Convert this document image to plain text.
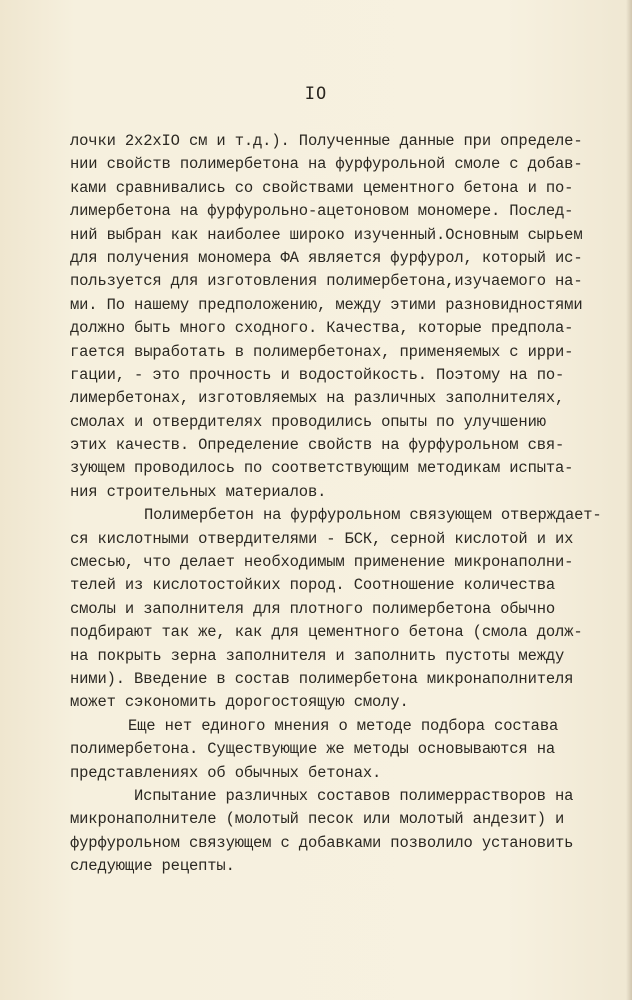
IO
лочки 2х2хIO см и т.д.). Полученные данные при определе-
нии свойств полимербетона на фурфурольной смоле с добав-
ками сравнивались со свойствами цементного бетона и по-
лимербетона на фурфурольно-ацетоновом мономере. Послед-
ний выбран как наиболее широко изученный.Основным сырьем
для получения мономера ФА является фурфурол, который ис-
пользуется для изготовления полимербетона,изучаемого на-
ми. По нашему предположению, между этими разновидностями
должно быть много сходного. Качества, которые предпола-
гается выработать в полимербетонах, применяемых с ирри-
гации, - это прочность и водостойкость. Поэтому на по-
лимербетонах, изготовляемых на различных заполнителях,
смолах и отвердителях проводились опыты по улучшению
этих качеств. Определение свойств на фурфурольном свя-
зующем проводилось по соответствующим методикам испыта-
ния строительных материалов.
Полимербетон на фурфурольном связующем отверждает-
ся кислотными отвердителями - БСК, серной кислотой и их
смесью, что делает необходимым применение микронаполни-
телей из кислотостойких пород. Соотношение количества
смолы и заполнителя для плотного полимербетона обычно
подбирают так же, как для цементного бетона (смола долж-
на покрыть зерна заполнителя и заполнить пустоты между
ними). Введение в состав полимербетона микронаполнителя
может сэкономить дорогостоящую смолу.
Еще нет единого мнения о методе подбора состава
полимербетона. Существующие же методы основываются на
представлениях об обычных бетонах.
Испытание различных составов полимеррастворов на
микронаполнителе (молотый песок или молотый андезит) и
фурфурольном связующем с добавками позволило установить
следующие рецепты.
